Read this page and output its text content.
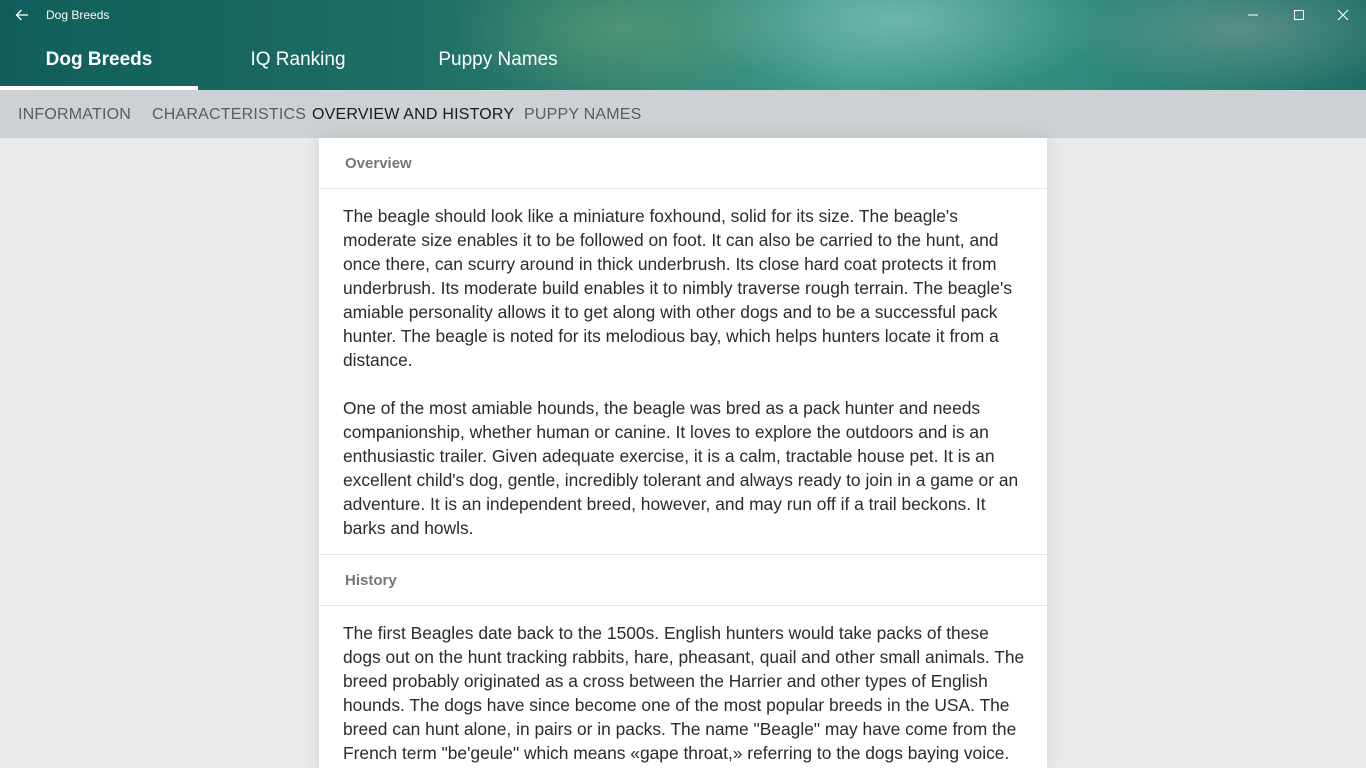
Dog Breeds
Dog Breeds	IQ Ranking	Puppy Names
INFORMATION CHARACTERISTICS OVERVIEW AND HISTORY PUPPY NAMES
Overview

The beagle should look like a miniature foxhound, solid for its size. The beagle's moderate size enables it to be followed on foot. It can also be carried to the hunt, and once there, can scurry around in thick underbrush. Its close hard coat protects it from underbrush. Its moderate build enables it to nimbly traverse rough terrain. The beagle's amiable personality allows it to get along with other dogs and to be a successful pack hunter. The beagle is noted for its melodious bay, which helps hunters locate it from a distance.

One of the most amiable hounds, the beagle was bred as a pack hunter and needs companionship, whether human or canine. It loves to explore the outdoors and is an enthusiastic trailer. Given adequate exercise, it is a calm, tractable house pet. It is an excellent child's dog, gentle, incredibly tolerant and always ready to join in a game or an adventure. It is an independent breed, however, and may run off if a trail beckons. It barks and howls.

History

The first Beagles date back to the 1500s. English hunters would take packs of these dogs out on the hunt tracking rabbits, hare, pheasant, quail and other small animals. The breed probably originated as a cross between the Harrier and other types of English hounds. The dogs have since become one of the most popular breeds in the USA. The breed can hunt alone, in pairs or in packs. The name "Beagle" may have come from the French term "be'geule" which means «gape throat,» referring to the dogs baying voice.
